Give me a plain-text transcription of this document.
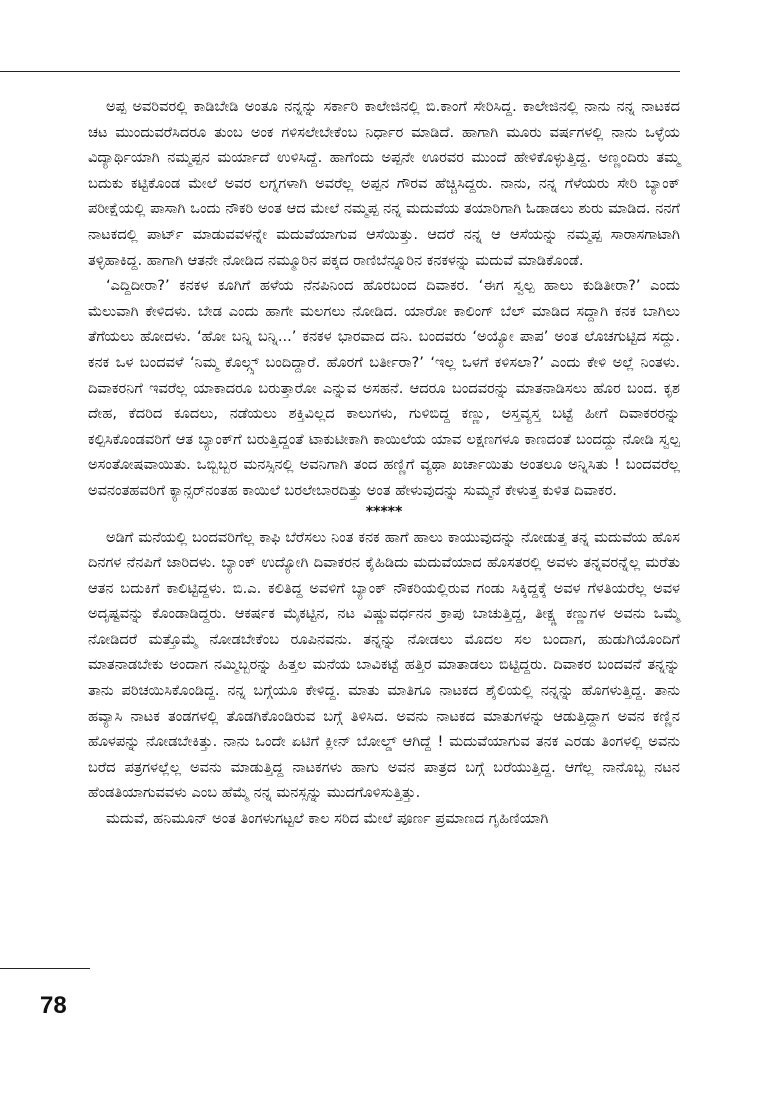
ಅಪ್ಪ ಅವರಿವರಲ್ಲಿ ಕಾಡಿಬೇಡಿ ಅಂತೂ ನನ್ನನ್ನು ಸರ್ಕಾರಿ ಕಾಲೇಜಿನಲ್ಲಿ ಬಿ.ಕಾಂಗೆ ಸೇರಿಸಿದ್ದ. ಕಾಲೇಜಿನಲ್ಲಿ ನಾನು ನನ್ನ ನಾಟಕದ ಚಟ ಮುಂದುವರೆಸಿದರೂ ತುಂಬ ಅಂಕ ಗಳಿಸಲೇಬೇಕೆಂಬ ನಿರ್ಧಾರ ಮಾಡಿದೆ. ಹಾಗಾಗಿ ಮೂರು ವರ್ಷಗಳಲ್ಲಿ ನಾನು ಒಳ್ಳೆಯ ವಿದ್ಯಾರ್ಥಿಯಾಗಿ ನಮ್ಮಪ್ಪನ ಮರ್ಯಾದೆ ಉಳಿಸಿದ್ದೆ. ಹಾಗೆಂದು ಅಪ್ಪನೇ ಊರವರ ಮುಂದೆ ಹೇಳಿಕೊಳ್ಳುತ್ತಿದ್ದ. ಅಣ್ಣಂದಿರು ತಮ್ಮ ಬದುಕು ಕಟ್ಟಿಕೊಂಡ ಮೇಲೆ ಅವರ ಲಗ್ನಗಳಾಗಿ ಅವರೆಲ್ಲ ಅಪ್ಪನ ಗೌರವ ಹೆಚ್ಚಿಸಿದ್ದರು. ನಾನು, ನನ್ನ ಗೆಳೆಯರು ಸೇರಿ ಬ್ಯಾಂಕ್ ಪರೀಕ್ಷೆಯಲ್ಲಿ ಪಾಸಾಗಿ ಒಂದು ನೌಕರಿ ಅಂತ ಆದ ಮೇಲೆ ನಮ್ಮಪ್ಪ ನನ್ನ ಮದುವೆಯ ತಯಾರಿಗಾಗಿ ಓಡಾಡಲು ಶುರು ಮಾಡಿದ. ನನಗೆ ನಾಟಕದಲ್ಲಿ ಪಾರ್ಟ್ ಮಾಡುವವಳನ್ನೇ ಮದುವೆಯಾಗುವ ಆಸೆಯಿತ್ತು. ಆದರೆ ನನ್ನ ಆ ಆಸೆಯನ್ನು ನಮ್ಮಪ್ಪ ಸಾರಾಸಗಾಟಾಗಿ ತಳ್ಳಿಹಾಕಿದ್ದ. ಹಾಗಾಗಿ ಆತನೇ ನೋಡಿದ ನಮ್ಮೂರಿನ ಪಕ್ಕದ ರಾಣಿಬೆನ್ನೂರಿನ ಕನಕಳನ್ನು ಮದುವೆ ಮಾಡಿಕೊಂಡೆ.

‘ಎದ್ದಿದೀರಾ?’ ಕನಕಳ ಕೂಗಿಗೆ ಹಳೆಯ ನೆನಪಿನಿಂದ ಹೊರಬಂದ ದಿವಾಕರ. ‘ಈಗ ಸ್ವಲ್ಪ ಹಾಲು ಕುಡಿತೀರಾ?’ ಎಂದು ಮೆಲುವಾಗಿ ಕೇಳಿದಳು. ಬೇಡ ಎಂದು ಹಾಗೇ ಮಲಗಲು ನೋಡಿದ. ಯಾರೋ ಕಾಲಿಂಗ್ ಬೆಲ್ ಮಾಡಿದ ಸದ್ದಾಗಿ ಕನಕ ಬಾಗಿಲು ತೆಗೆಯಲು ಹೋದಳು. ‘ಹೋ ಬನ್ನಿ ಬನ್ನಿ...’ ಕನಕಳ ಭಾರವಾದ ದನಿ. ಬಂದವರು ‘ಅಯ್ಯೋ ಪಾಪ’ ಅಂತ ಲೊಚಗುಟ್ಟಿದ ಸದ್ದು. ಕನಕ ಒಳ ಬಂದವಳೆ ‘ನಿಮ್ಮ ಕೊಲ್ಗ್ಸ್ ಬಂದಿದ್ದಾರೆ. ಹೊರಗೆ ಬರ್ತೀರಾ?’ ‘ಇಲ್ಲ ಒಳಗೆ ಕಳಿಸಲಾ?’ ಎಂದು ಕೇಳಿ ಅಲ್ಲೆ ನಿಂತಳು. ದಿವಾಕರನಿಗೆ ಇವರೆಲ್ಲ ಯಾಕಾದರೂ ಬರುತ್ತಾರೋ ಎನ್ನುವ ಅಸಹನೆ. ಆದರೂ ಬಂದವರನ್ನು ಮಾತನಾಡಿಸಲು ಹೊರ ಬಂದ. ಕೃಶ ದೇಹ, ಕೆದರಿದ ಕೂದಲು, ನಡೆಯಲು ಶಕ್ತಿವಿಲ್ಲದ ಕಾಲುಗಳು, ಗುಳಿಬಿದ್ದ ಕಣ್ಣು, ಅಸ್ತವ್ಯಸ್ತ ಬಟ್ಟೆ ಹೀಗೆ ದಿವಾಕರರನ್ನು ಕಲ್ಪಿಸಿಕೊಂಡವರಿಗೆ ಆತ ಬ್ಯಾಂಕ್‌ಗೆ ಬರುತ್ತಿದ್ದಂತೆ ಟಾಕುಟೀಕಾಗಿ ಕಾಯಿಲೆಯ ಯಾವ ಲಕ್ಷಣಗಳೂ ಕಾಣದಂತೆ ಬಂದದ್ದು ನೋಡಿ ಸ್ವಲ್ಪ ಅಸಂತೋಷವಾಯಿತು. ಒಬ್ಬಿಬ್ಬರ ಮನಸ್ಸಿನಲ್ಲಿ ಅವನಿಗಾಗಿ ತಂದ ಹಣ್ಣಿಗೆ ವ್ಯಥಾ ಖರ್ಚಾಯಿತು ಅಂತಲೂ ಅನ್ನಿಸಿತು ! ಬಂದವರೆಲ್ಲ ಅವನಂತಹವರಿಗೆ ಕ್ಯಾನ್ಸರ್‌ನಂತಹ ಕಾಯಿಲೆ ಬರಲೇಬಾರದಿತ್ತು ಅಂತ ಹೇಳುವುದನ್ನು ಸುಮ್ಮನೆ ಕೇಳುತ್ತ ಕುಳಿತ ದಿವಾಕರ.

*****

ಅಡಿಗೆ ಮನೆಯಲ್ಲಿ ಬಂದವರಿಗೆಲ್ಲ ಕಾಫಿ ಬೆರೆಸಲು ನಿಂತ ಕನಕ ಹಾಗೆ ಹಾಲು ಕಾಯುವುದನ್ನು ನೋಡುತ್ತ ತನ್ನ ಮದುವೆಯ ಹೊಸ ದಿನಗಳ ನೆನಪಿಗೆ ಜಾರಿದಳು. ಬ್ಯಾಂಕ್ ಉದ್ಯೋಗಿ ದಿವಾಕರನ ಕೈಹಿಡಿದು ಮದುವೆಯಾದ ಹೊಸತರಲ್ಲಿ ಅವಳು ತನ್ನವರನ್ನೆಲ್ಲ ಮರೆತು ಆತನ ಬದುಕಿಗೆ ಕಾಲಿಟ್ಟಿದ್ದಳು. ಬಿ.ಎ. ಕಲಿತಿದ್ದ ಅವಳಿಗೆ ಬ್ಯಾಂಕ್ ನೌಕರಿಯಲ್ಲಿರುವ ಗಂಡು ಸಿಕ್ಕಿದ್ದಕ್ಕೆ ಅವಳ ಗೆಳತಿಯರೆಲ್ಲ ಅವಳ ಅದೃಷ್ಟವನ್ನು ಕೊಂಡಾಡಿದ್ದರು. ಆಕರ್ಷಕ ಮೈಕಟ್ಟಿನ, ನಟ ವಿಷ್ಣುವರ್ಧನನ ಕ್ರಾಪು ಬಾಚುತ್ತಿದ್ದ, ತೀಕ್ಷ್ಣ ಕಣ್ಣುಗಳ ಅವನು ಒಮ್ಮೆ ನೋಡಿದರೆ ಮತ್ತೊಮ್ಮೆ ನೋಡಬೇಕೆಂಬ ರೂಪಿನವನು. ತನ್ನನ್ನು ನೋಡಲು ಮೊದಲ ಸಲ ಬಂದಾಗ, ಹುಡುಗಿಯೊಂದಿಗೆ ಮಾತನಾಡಬೇಕು ಅಂದಾಗ ನಮ್ಮಿಬ್ಬರನ್ನು ಹಿತ್ತಲ ಮನೆಯ ಬಾವಿಕಟ್ಟೆ ಹತ್ತಿರ ಮಾತಾಡಲು ಬಿಟ್ಟಿದ್ದರು. ದಿವಾಕರ ಬಂದವನೆ ತನ್ನನ್ನು ತಾನು ಪರಿಚಯಿಸಿಕೊಂಡಿದ್ದ. ನನ್ನ ಬಗ್ಗೆಯೂ ಕೇಳಿದ್ದ. ಮಾತು ಮಾತಿಗೂ ನಾಟಕದ ಶೈಲಿಯಲ್ಲಿ ನನ್ನನ್ನು ಹೊಗಳುತ್ತಿದ್ದ. ತಾನು ಹವ್ಯಾಸಿ ನಾಟಕ ತಂಡಗಳಲ್ಲಿ ತೊಡಗಿಕೊಂಡಿರುವ ಬಗ್ಗೆ ತಿಳಿಸಿದ. ಅವನು ನಾಟಕದ ಮಾತುಗಳನ್ನು ಆಡುತ್ತಿದ್ದಾಗ ಅವನ ಕಣ್ಣಿನ ಹೊಳಪನ್ನು ನೋಡಬೇಕಿತ್ತು. ನಾನು ಒಂದೇ ಏಟಿಗೆ ಕ್ಲೀನ್ ಬೋಲ್ಡ್ ಆಗಿದ್ದೆ ! ಮದುವೆಯಾಗುವ ತನಕ ಎರಡು ತಿಂಗಳಲ್ಲಿ ಅವನು ಬರೆದ ಪತ್ರಗಳಲ್ಲೆಲ್ಲ ಅವನು ಮಾಡುತ್ತಿದ್ದ ನಾಟಕಗಳು ಹಾಗು ಅವನ ಪಾತ್ರದ ಬಗ್ಗೆ ಬರೆಯುತ್ತಿದ್ದ. ಆಗೆಲ್ಲ ನಾನೊಬ್ಬ ನಟನ ಹೆಂಡತಿಯಾಗುವವಳು ಎಂಬ ಹೆಮ್ಮೆ ನನ್ನ ಮನಸ್ಸನ್ನು ಮುದಗೊಳಿಸುತ್ತಿತ್ತು.

ಮದುವೆ, ಹನಿಮೂನ್ ಅಂತ ತಿಂಗಳುಗಟ್ಟಲೆ ಕಾಲ ಸರಿದ ಮೇಲೆ ಪೂರ್ಣ ಪ್ರಮಾಣದ ಗೃಹಿಣಿಯಾಗಿ

78
